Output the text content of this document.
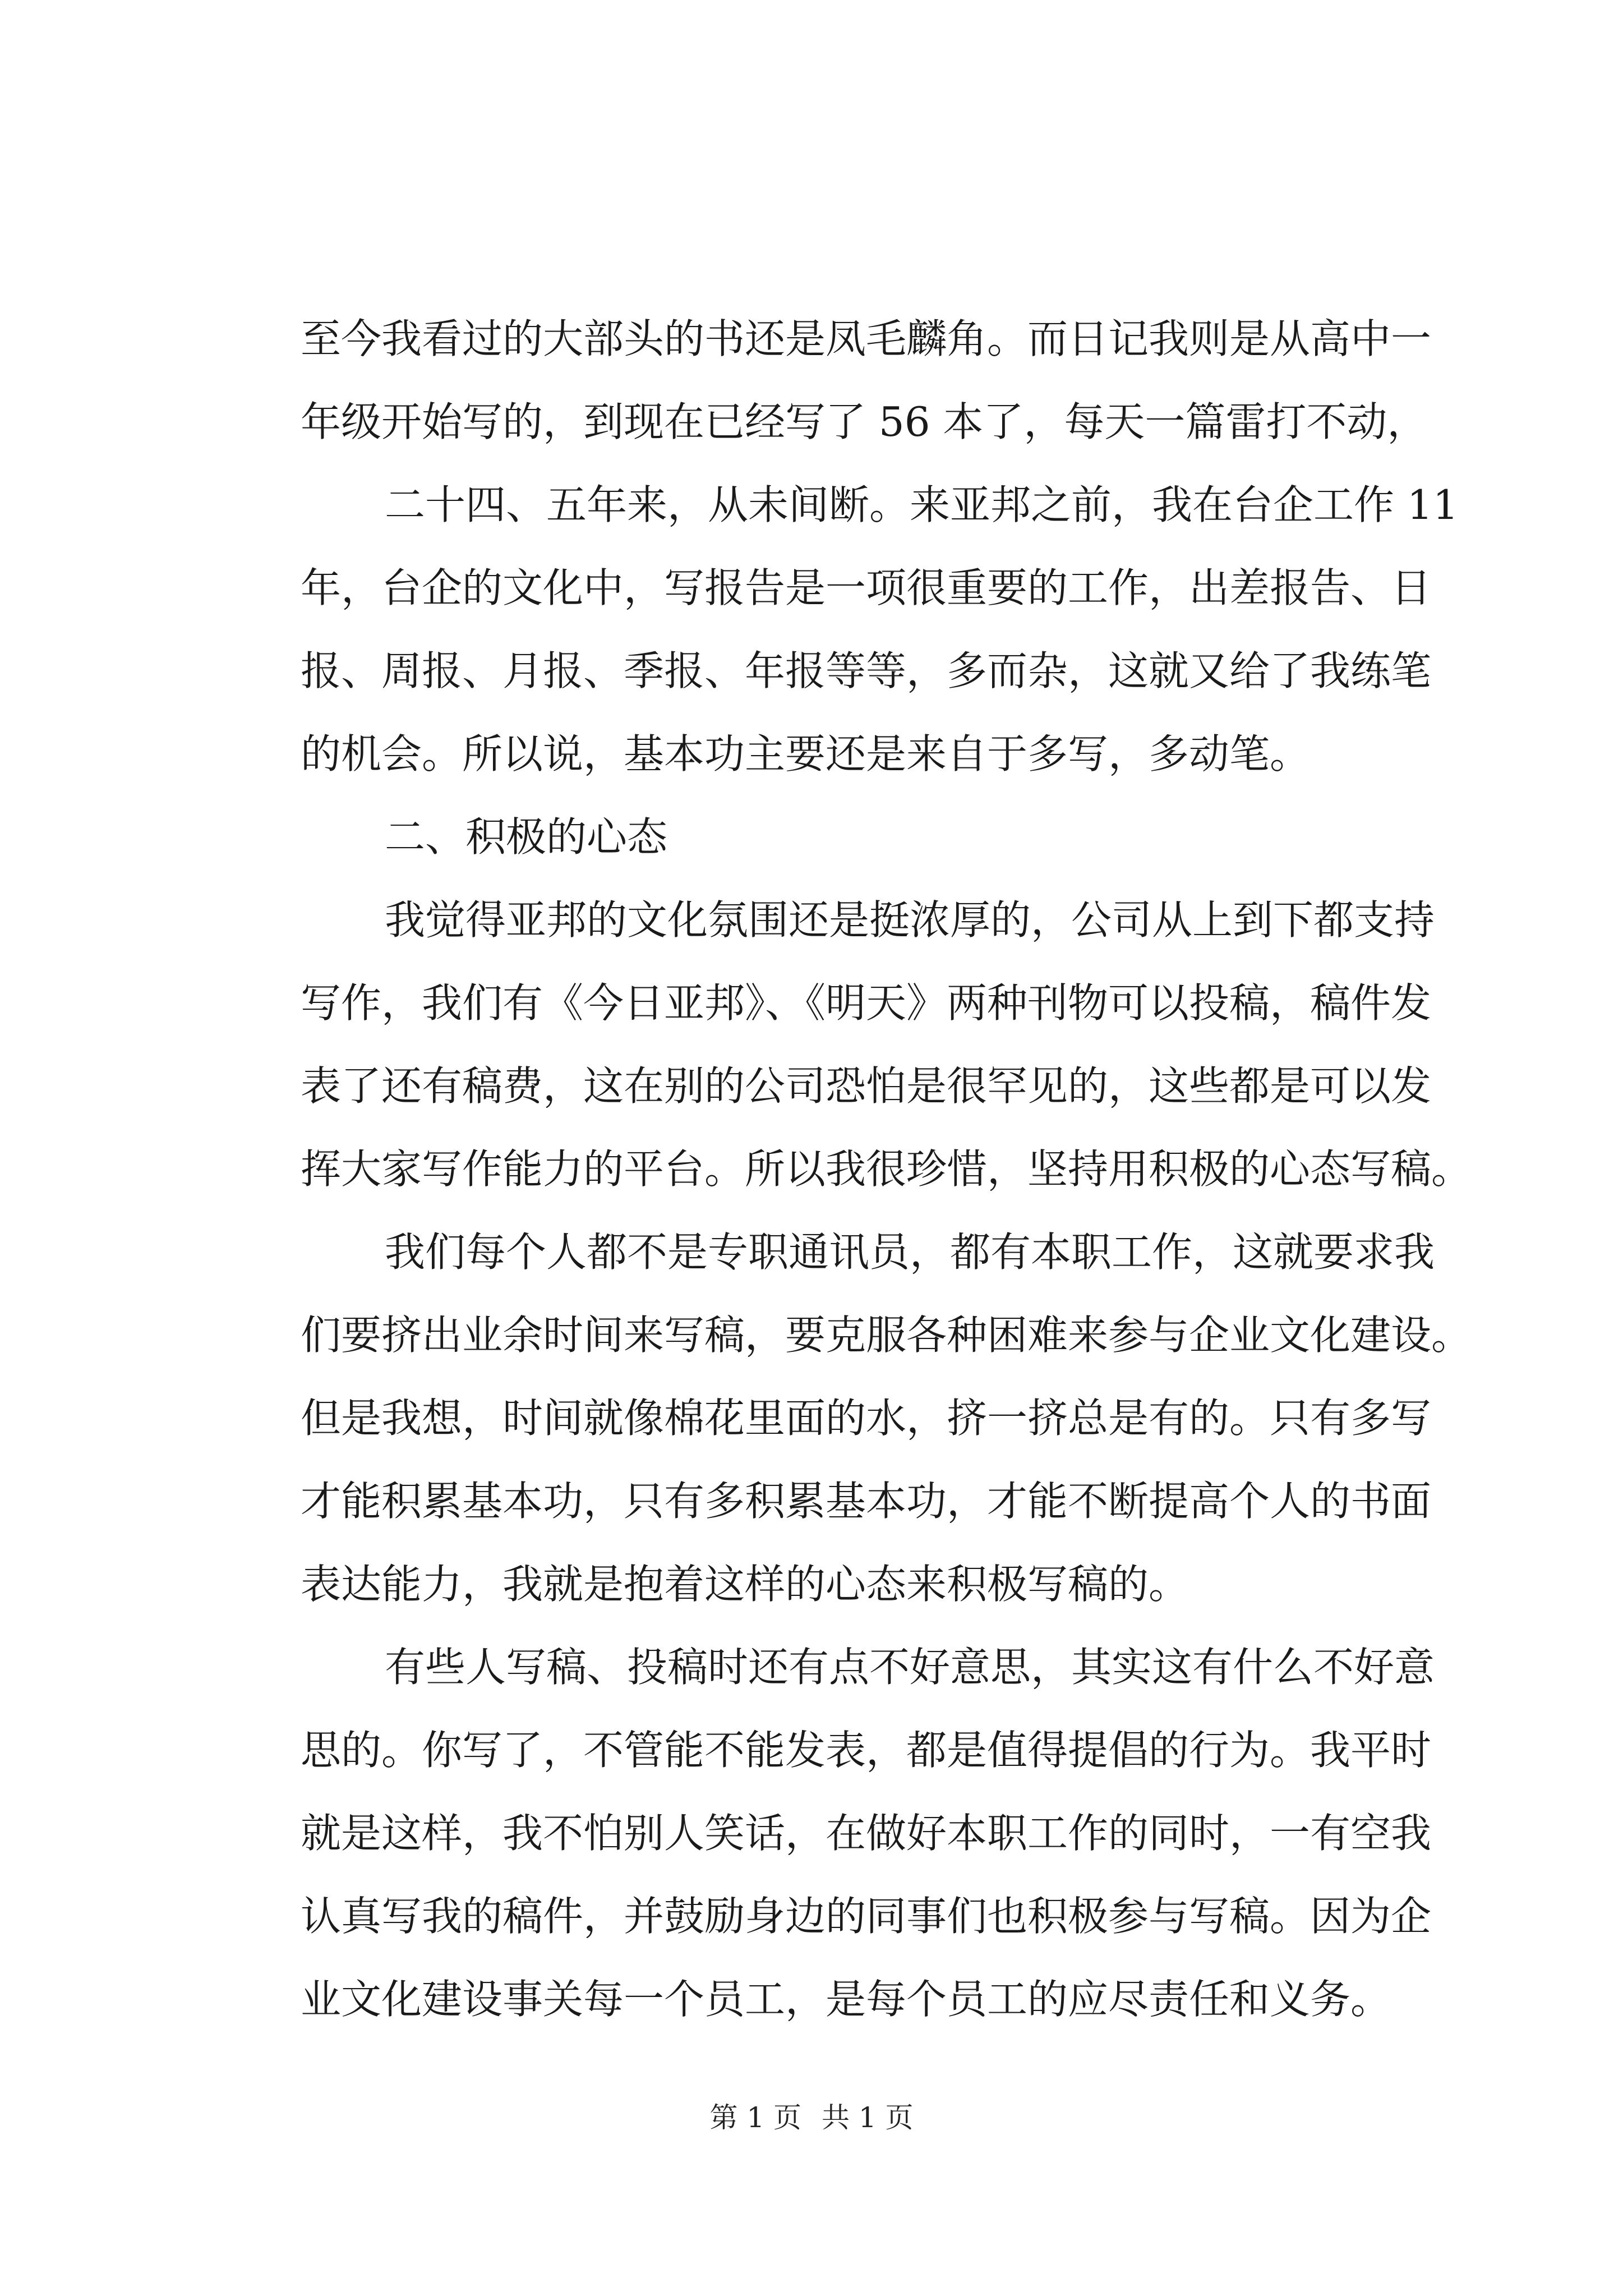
至今我看过的大部头的书还是凤毛麟角。而日记我则是从高中一
年级开始写的，到现在已经写了 56 本了，每天一篇雷打不动，
二十四、五年来，从未间断。来亚邦之前，我在台企工作 11
年，台企的文化中，写报告是一项很重要的工作，出差报告、日
报、周报、月报、季报、年报等等，多而杂，这就又给了我练笔
的机会。所以说，基本功主要还是来自于多写，多动笔。
二、积极的心态
我觉得亚邦的文化氛围还是挺浓厚的，公司从上到下都支持
写作，我们有《今日亚邦》、《明天》两种刊物可以投稿，稿件发
表了还有稿费，这在别的公司恐怕是很罕见的，这些都是可以发
挥大家写作能力的平台。所以我很珍惜，坚持用积极的心态写稿。
我们每个人都不是专职通讯员，都有本职工作，这就要求我
们要挤出业余时间来写稿，要克服各种困难来参与企业文化建设。
但是我想，时间就像棉花里面的水，挤一挤总是有的。只有多写
才能积累基本功，只有多积累基本功，才能不断提高个人的书面
表达能力，我就是抱着这样的心态来积极写稿的。
有些人写稿、投稿时还有点不好意思，其实这有什么不好意
思的。你写了，不管能不能发表，都是值得提倡的行为。我平时
就是这样，我不怕别人笑话，在做好本职工作的同时，一有空我
认真写我的稿件，并鼓励身边的同事们也积极参与写稿。因为企
业文化建设事关每一个员工，是每个员工的应尽责任和义务。
第 1 页 共 1 页
